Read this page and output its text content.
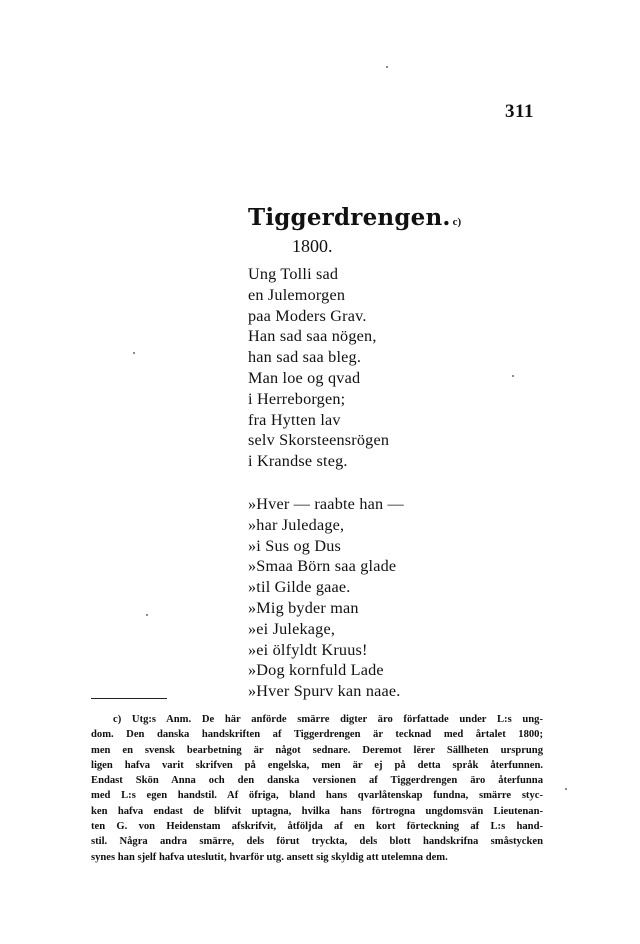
311
Tiggerdrengen. c)
1800.
Ung Tolli sad
en Julemorgen
paa Moders Grav.
Han sad saa nögen,
han sad saa bleg.
Man loe og qvad
i Herreborgen;
fra Hytten lav
selv Skorsteensrögen
i Krandse steg.
»Hver — raabte han —
»har Juledage,
»i Sus og Dus
»Smaa Börn saa glade
»til Gilde gaae.
»Mig byder man
»ei Julekage,
»ei ölfyldt Kruus!
»Dog kornfuld Lade
»Hver Spurv kan naae.
c) Utg:s Anm. De här anförde smärre digter äro författade under L:s ung-
dom. Den danska handskriften af Tiggerdrengen är tecknad med årtalet 1800;
men en svensk bearbetning är något sednare. Deremot lërer Sällheten ursprung
ligen hafva varit skrifven på engelska, men är ej på detta språk återfunnen.
Endast Skön Anna och den danska versionen af Tiggerdrengen äro återfunna
med L:s egen handstil. Af öfriga, bland hans qvarlåtenskap fundna, smärre styc-
ken hafva endast de blifvit uptagna, hvilka hans förtrogna ungdomsvän Lieutenan-
ten G. von Heidenstam afskrifvit, åtföljda af en kort förteckning af L:s hand-
stil. Några andra smärre, dels förut tryckta, dels blott handskrifna småstycken
synes han sjelf hafva uteslutit, hvarför utg. ansett sig skyldig att utelemna dem.
